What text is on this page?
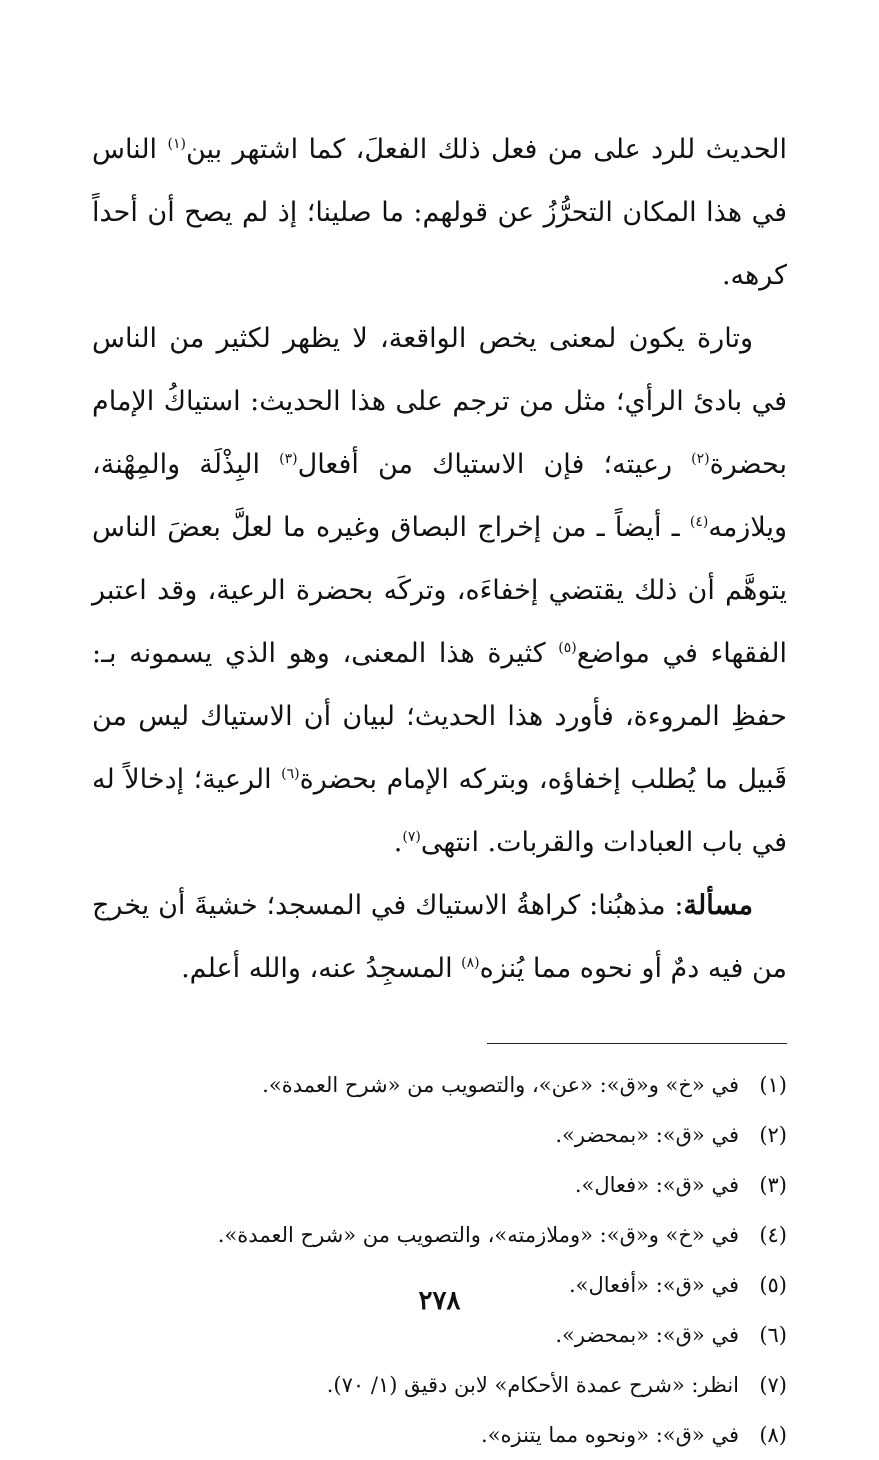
الحديث للرد على من فعل ذلك الفعلَ، كما اشتهر بين$^{(١)}$ الناس في هذا المكان التحرُّزُ عن قولهم: ما صلينا؛ إذ لم يصح أن أحداً كرهه.

وتارة يكون لمعنى يخص الواقعة، لا يظهر لكثير من الناس في بادئ الرأي؛ مثل من ترجم على هذا الحديث: استياكُ الإمام بحضرة$^{(٢)}$ رعيته؛ فإن الاستياك من أفعال$^{(٣)}$ البِذْلَة والمِهْنة، ويلازمه$^{(٤)}$ ـ أيضاً ـ من إخراج البصاق وغيره ما لعلَّ بعضَ الناس يتوهَّم أن ذلك يقتضي إخفاءَه، وتركَه بحضرة الرعية، وقد اعتبر الفقهاء في مواضع$^{(٥)}$ كثيرة هذا المعنى، وهو الذي يسمونه بـ: حفظِ المروءة، فأورد هذا الحديث؛ لبيان أن الاستياك ليس من قَبيل ما يُطلب إخفاؤه، وبتركه الإمام بحضرة$^{(٦)}$ الرعية؛ إدخالاً له في باب العبادات والقربات. انتهى$^{(٧)}$.

مسألة: مذهبُنا: كراهةُ الاستياك في المسجد؛ خشيةَ أن يخرج من فيه دمٌ أو نحوه مما يُنزه$^{(٨)}$ المسجِدُ عنه، والله أعلم.

(١)
في «خ» و«ق»: «عن»، والتصويب من «شرح العمدة».
(٢)
في «ق»: «بمحضر».
(٣)
في «ق»: «فعال».
(٤)
في «خ» و«ق»: «وملازمته»، والتصويب من «شرح العمدة».
(٥)
في «ق»: «أفعال».
(٦)
في «ق»: «بمحضر».
(٧)
انظر: «شرح عمدة الأحكام» لابن دقيق (١/ ٧٠).
(٨)
في «ق»: «ونحوه مما يتنزه».
٢٧٨
